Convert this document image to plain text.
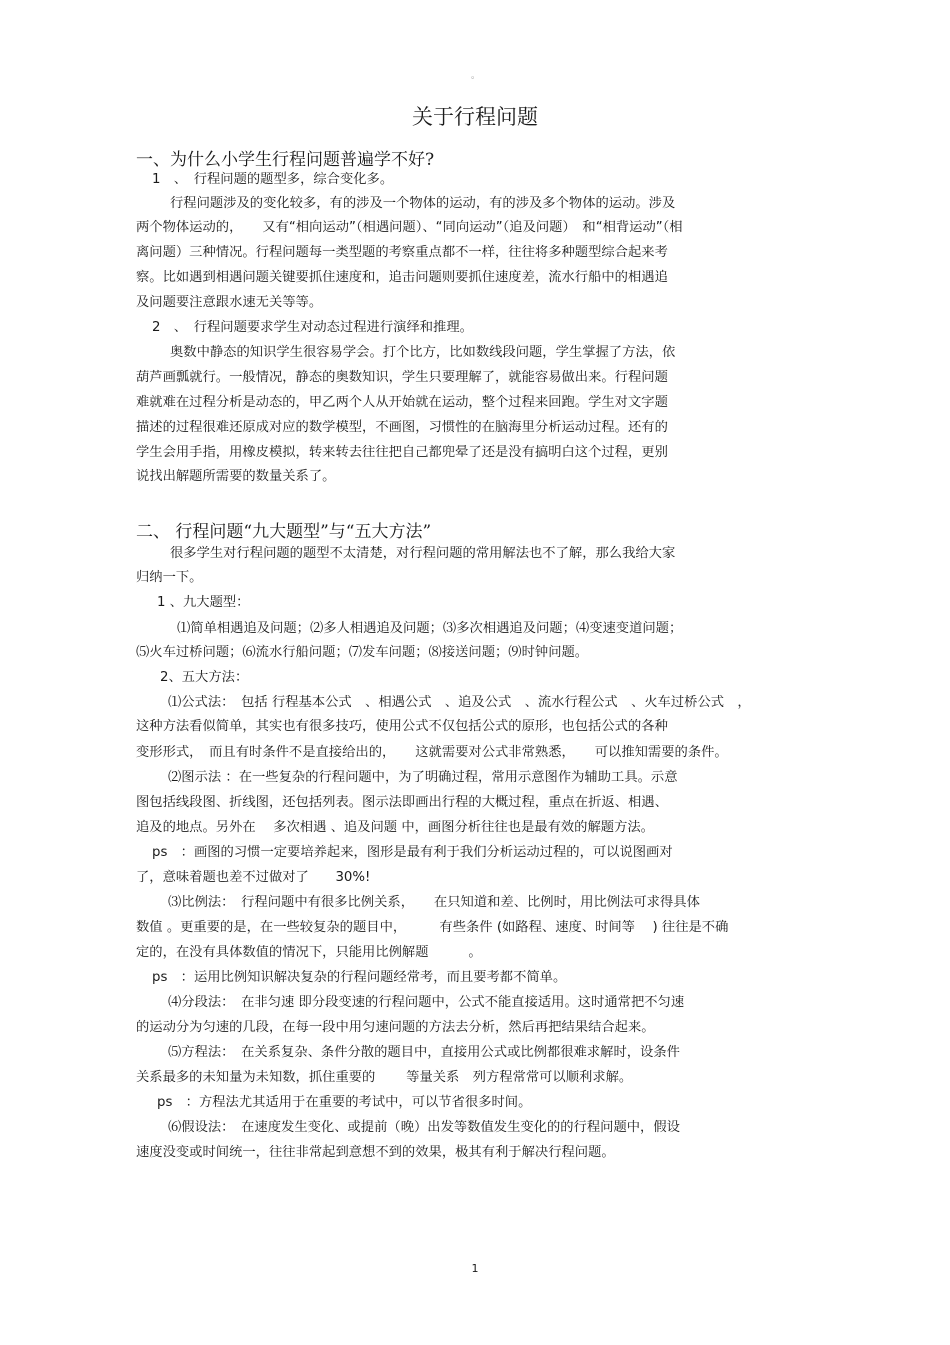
。
关于行程问题
一、为什么小学生行程问题普遍学不好?
1　、　行程问题的题型多，综合变化多。
行程问题涉及的变化较多，有的涉及一个物体的运动，有的涉及多个物体的运动。涉及
两个物体运动的，　　又有“相向运动”（相遇问题）、“同向运动”（追及问题）　和“相背运动”（相
离问题）三种情况。行程问题每一类型题的考察重点都不一样，往往将多种题型综合起来考
察。比如遇到相遇问题关键要抓住速度和，追击问题则要抓住速度差，流水行船中的相遇追
及问题要注意跟水速无关等等。
2　、　行程问题要求学生对动态过程进行演绎和推理。
奥数中静态的知识学生很容易学会。打个比方，比如数线段问题，学生掌握了方法，依
葫芦画瓢就行。一般情况，静态的奥数知识，学生只要理解了，就能容易做出来。行程问题
难就难在过程分析是动态的，甲乙两个人从开始就在运动，整个过程来回跑。学生对文字题
描述的过程很难还原成对应的数学模型，不画图，习惯性的在脑海里分析运动过程。还有的
学生会用手指，用橡皮模拟，转来转去往往把自己都兜晕了还是没有搞明白这个过程，更别
说找出解题所需要的数量关系了。
二、 行程问题“九大题型”与“五大方法”
很多学生对行程问题的题型不太清楚，对行程问题的常用解法也不了解，那么我给大家
归纳一下。
1 、九大题型：
⑴简单相遇追及问题；⑵多人相遇追及问题；⑶多次相遇追及问题；⑷变速变道问题；
⑸火车过桥问题；⑹流水行船问题；⑺发车问题；⑻接送问题；⑼时钟问题。
2、五大方法：
⑴公式法：　包括 行程基本公式　、相遇公式　、追及公式　、流水行程公式　、火车过桥公式　，
这种方法看似简单，其实也有很多技巧，使用公式不仅包括公式的原形，也包括公式的各种
变形形式，　而且有时条件不是直接给出的，　　这就需要对公式非常熟悉，　　可以推知需要的条件。
⑵图示法 ：在一些复杂的行程问题中，为了明确过程，常用示意图作为辅助工具。示意
图包括线段图、折线图，还包括列表。图示法即画出行程的大概过程，重点在折返、相遇、
追及的地点。另外在　 多次相遇 、追及问题 中，画图分析往往也是最有效的解题方法。
ps　：画图的习惯一定要培养起来，图形是最有利于我们分析运动过程的，可以说图画对
了，意味着题也差不过做对了　　30%!
⑶比例法：　行程问题中有很多比例关系，　　在只知道和差、比例时，用比例法可求得具体
数值 。更重要的是，在一些较复杂的题目中，　　　有些条件 (如路程、速度、时间等　 ) 往往是不确
定的，在没有具体数值的情况下，只能用比例解题　　　。
ps　：运用比例知识解决复杂的行程问题经常考，而且要考都不简单。
⑷分段法：　在非匀速 即分段变速的行程问题中，公式不能直接适用。这时通常把不匀速
的运动分为匀速的几段，在每一段中用匀速问题的方法去分析，然后再把结果结合起来。
⑸方程法：　在关系复杂、条件分散的题目中，直接用公式或比例都很难求解时，设条件
关系最多的未知量为未知数，抓住重要的　　 等量关系　列方程常常可以顺利求解。
ps　：方程法尤其适用于在重要的考试中，可以节省很多时间。
⑹假设法：　在速度发生变化、或提前（晚）出发等数值发生变化的的行程问题中，假设
速度没变或时间统一，往往非常起到意想不到的效果，极其有利于解决行程问题。
1
